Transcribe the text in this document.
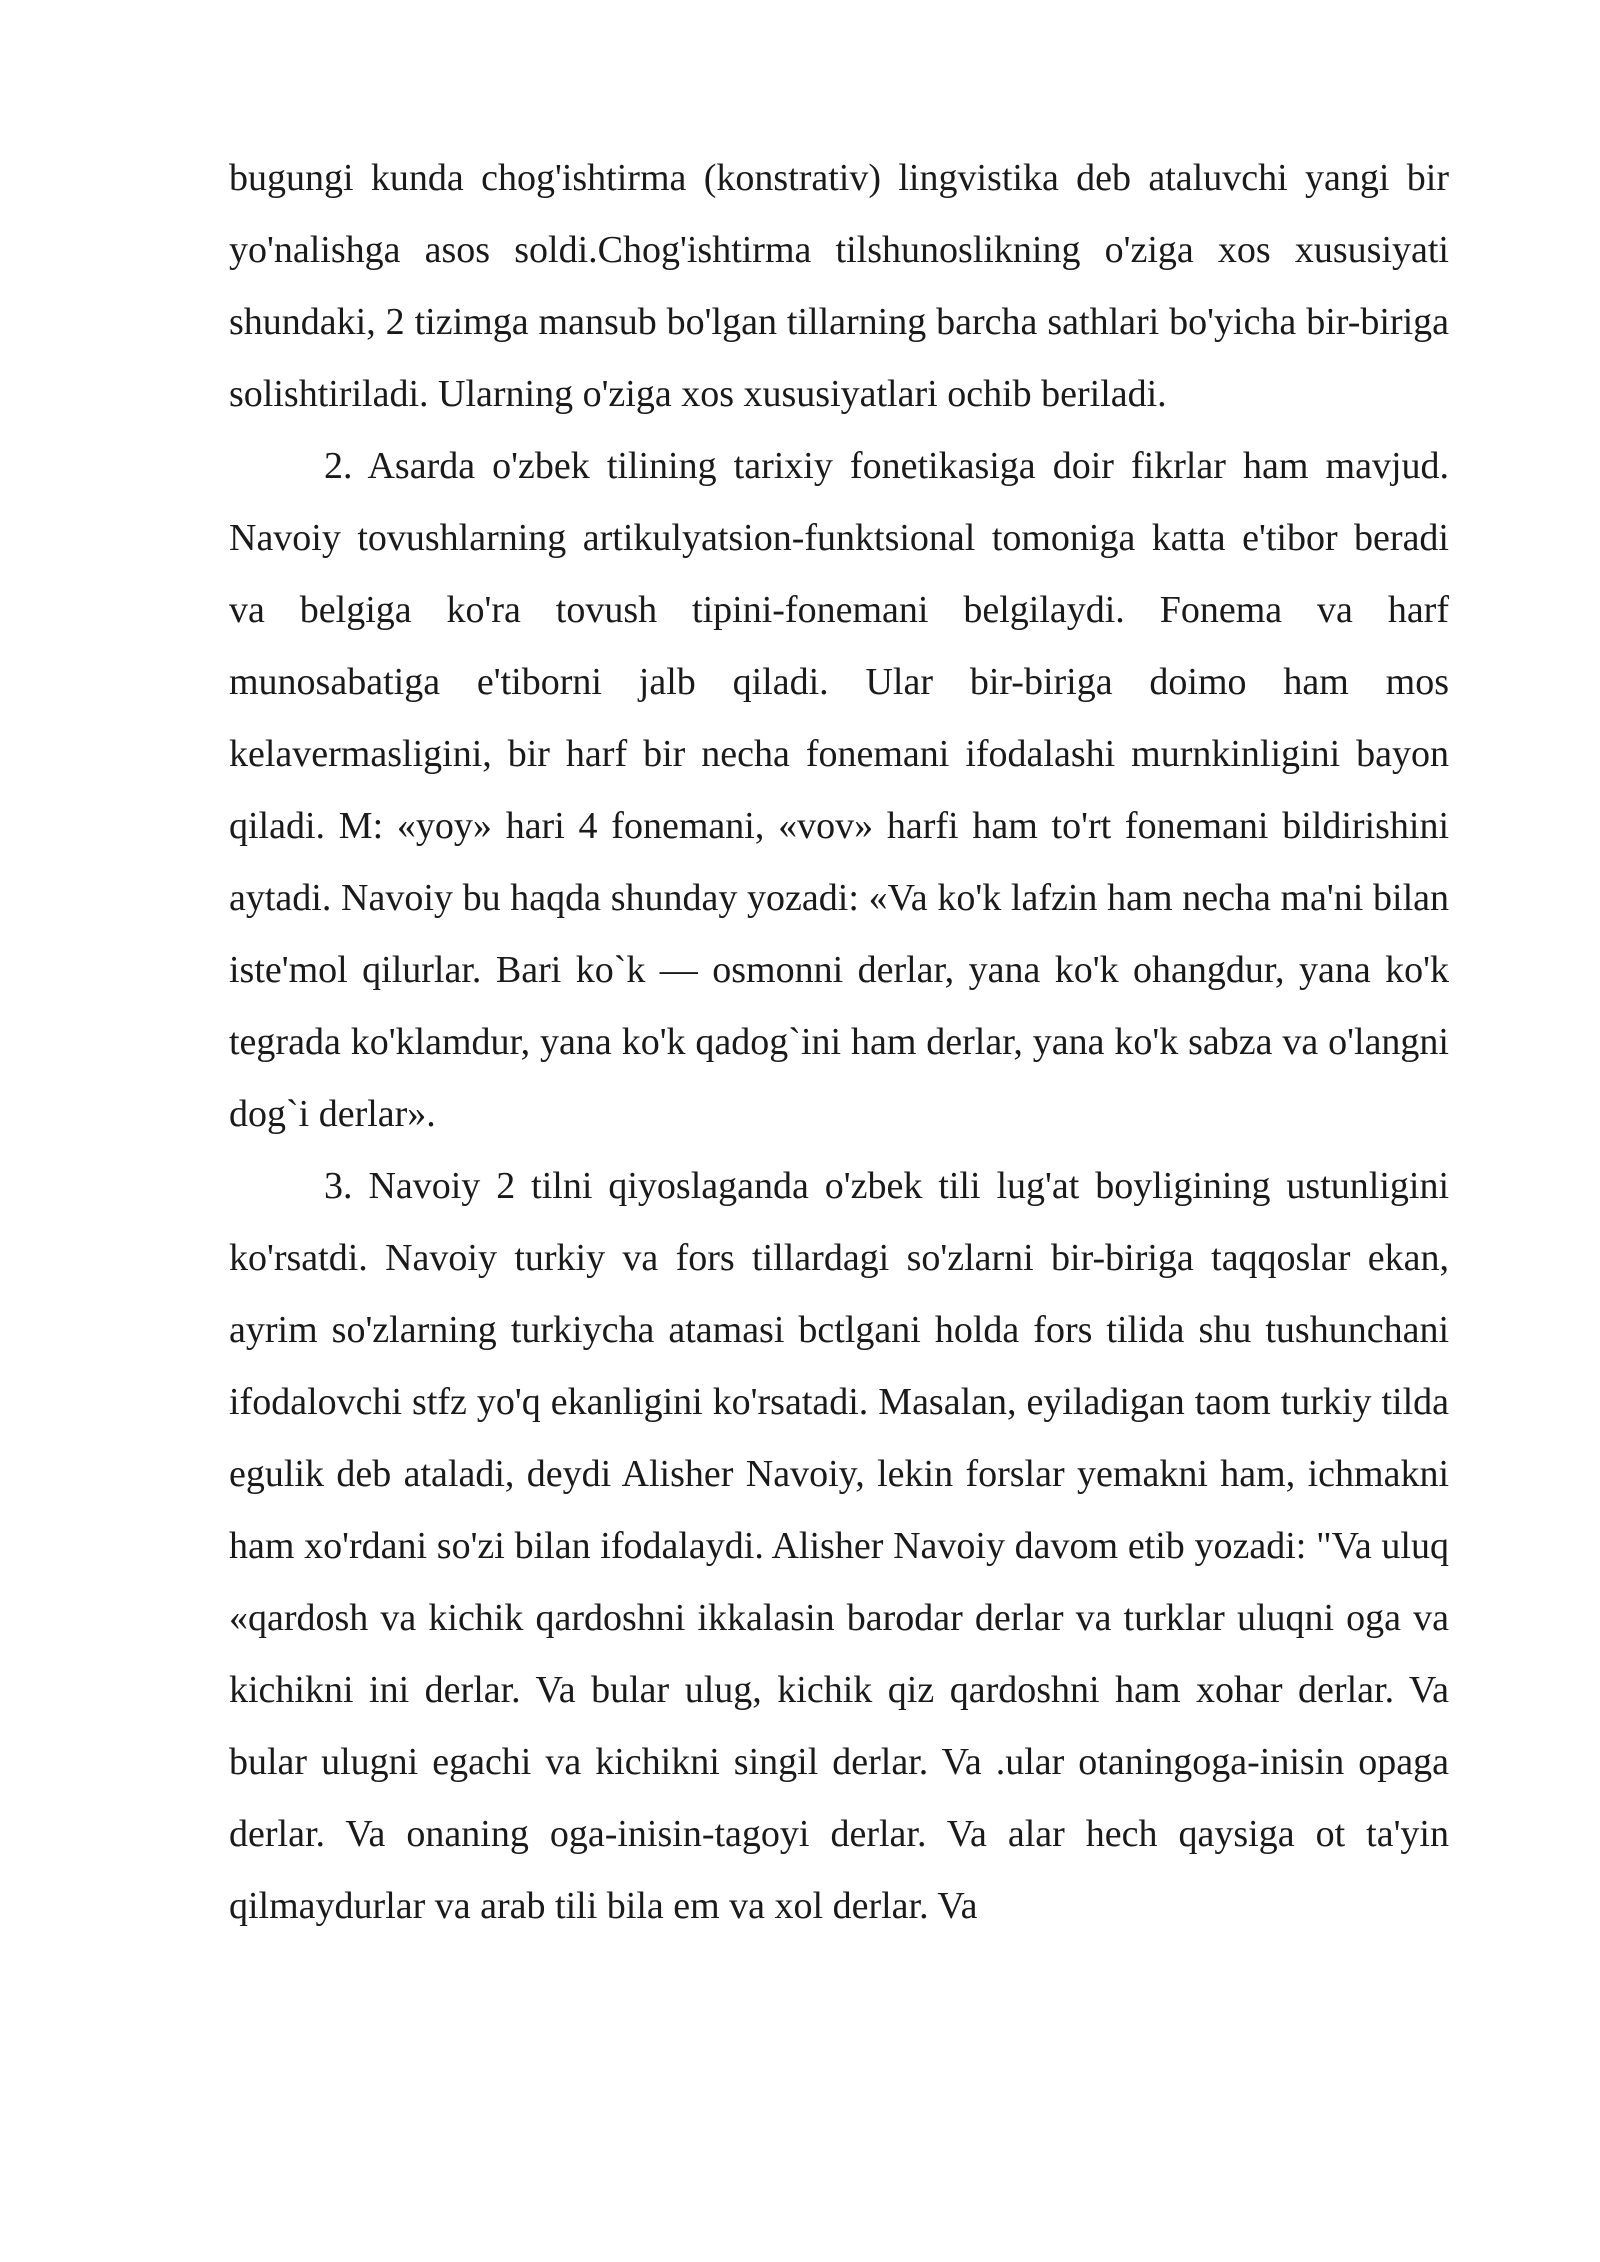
bugungi kunda chog'ishtirma (konstrativ) lingvistika deb ataluvchi yangi bir yo'nalishga asos soldi.Chog'ishtirma tilshunoslikning o'ziga xos xususiyati shundaki, 2 tizimga mansub bo'lgan tillarning barcha sathlari bo'yicha bir-biriga solishtiriladi. Ularning o'ziga xos xususiyatlari ochib beriladi.

2. Asarda o'zbek tilining tarixiy fonetikasiga doir fikrlar ham mavjud. Navoiy tovushlarning artikulyatsion-funktsional tomoniga katta e'tibor beradi va belgiga ko'ra tovush tipini-fonemani belgilaydi. Fonema va harf munosabatiga e'tiborni jalb qiladi. Ular bir-biriga doimo ham mos kelavermasligini, bir harf bir necha fonemani ifodalashi murnkinligini bayon qiladi. M: «yoy» hari 4 fonemani, «vov» harfi ham to'rt fonemani bildirishini aytadi. Navoiy bu haqda shunday yozadi: «Va ko'k lafzin ham necha ma'ni bilan iste'mol qilurlar. Bari ko`k — osmonni derlar, yana ko'k ohangdur, yana ko'k tegrada ko'klamdur, yana ko'k qadog`ini ham derlar, yana ko'k sabza va o'langni dog`i derlar».

3. Navoiy 2 tilni qiyoslaganda o'zbek tili lug'at boyligining ustunligini ko'rsatdi. Navoiy turkiy va fors tillardagi so'zlarni bir-biriga taqqoslar ekan, ayrim so'zlarning turkiycha atamasi bctlgani holda fors tilida shu tushunchani ifodalovchi stfz yo'q ekanligini ko'rsatadi. Masalan, eyiladigan taom turkiy tilda egulik deb ataladi, deydi Alisher Navoiy, lekin forslar yemakni ham, ichmakni ham xo'rdani so'zi bilan ifodalaydi. Alisher Navoiy davom etib yozadi: "Va uluq «qardosh va kichik qardoshni ikkalasin barodar derlar va turklar uluqni oga va kichikni ini derlar. Va bular ulug, kichik qiz qardoshni ham xohar derlar. Va bular ulugni egachi va kichikni singil derlar. Va .ular otaningoga-inisin opaga derlar. Va onaning oga-inisin-tagoyi derlar. Va alar hech qaysiga ot ta'yin qilmaydurlar va arab tili bila em va xol derlar. Va
